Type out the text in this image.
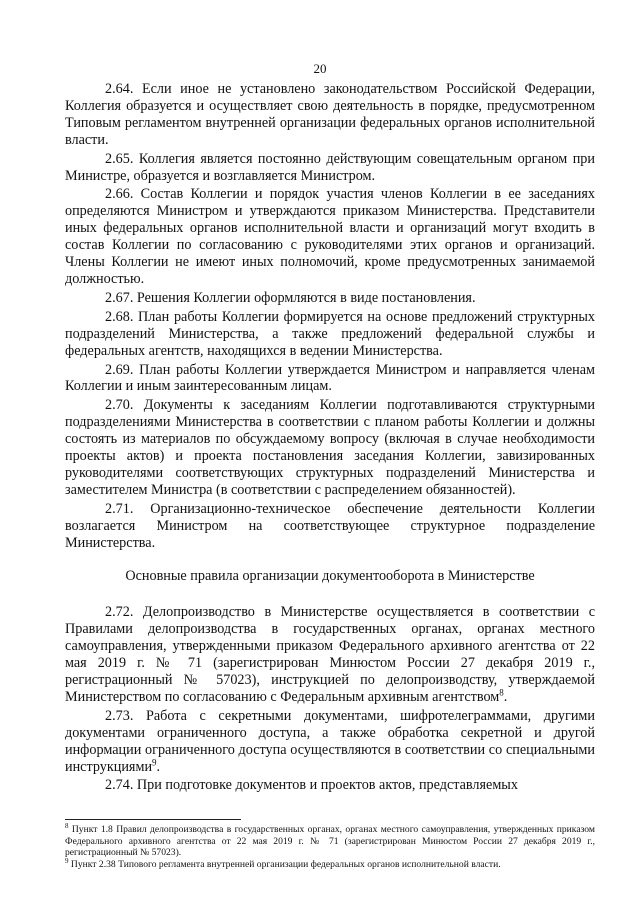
20

2.64. Если иное не установлено законодательством Российской Федерации, Коллегия образуется и осуществляет свою деятельность в порядке, предусмотренном Типовым регламентом внутренней организации федеральных органов исполнительной власти.

2.65. Коллегия является постоянно действующим совещательным органом при Министре, образуется и возглавляется Министром.

2.66. Состав Коллегии и порядок участия членов Коллегии в ее заседаниях определяются Министром и утверждаются приказом Министерства. Представители иных федеральных органов исполнительной власти и организаций могут входить в состав Коллегии по согласованию с руководителями этих органов и организаций. Члены Коллегии не имеют иных полномочий, кроме предусмотренных занимаемой должностью.

2.67. Решения Коллегии оформляются в виде постановления.

2.68. План работы Коллегии формируется на основе предложений структурных подразделений Министерства, а также предложений федеральной службы и федеральных агентств, находящихся в ведении Министерства.

2.69. План работы Коллегии утверждается Министром и направляется членам Коллегии и иным заинтересованным лицам.

2.70. Документы к заседаниям Коллегии подготавливаются структурными подразделениями Министерства в соответствии с планом работы Коллегии и должны состоять из материалов по обсуждаемому вопросу (включая в случае необходимости проекты актов) и проекта постановления заседания Коллегии, завизированных руководителями соответствующих структурных подразделений Министерства и заместителем Министра (в соответствии с распределением обязанностей).

2.71. Организационно-техническое обеспечение деятельности Коллегии возлагается Министром на соответствующее структурное подразделение Министерства.

Основные правила организации документооборота в Министерстве

2.72. Делопроизводство в Министерстве осуществляется в соответствии с Правилами делопроизводства в государственных органах, органах местного самоуправления, утвержденными приказом Федерального архивного агентства от 22 мая 2019 г. № 71 (зарегистрирован Минюстом России 27 декабря 2019 г., регистрационный № 57023), инструкцией по делопроизводству, утверждаемой Министерством по согласованию с Федеральным архивным агентством$^8$.

2.73. Работа с секретными документами, шифротелеграммами, другими документами ограниченного доступа, а также обработка секретной и другой информации ограниченного доступа осуществляются в соответствии со специальными инструкциями$^9$.

2.74. При подготовке документов и проектов актов, представляемых

$^8$ Пункт 1.8 Правил делопроизводства в государственных органах, органах местного самоуправления, утвержденных приказом Федерального архивного агентства от 22 мая 2019 г. № 71 (зарегистрирован Минюстом России 27 декабря 2019 г., регистрационный № 57023).

$^9$ Пункт 2.38 Типового регламента внутренней организации федеральных органов исполнительной власти.
